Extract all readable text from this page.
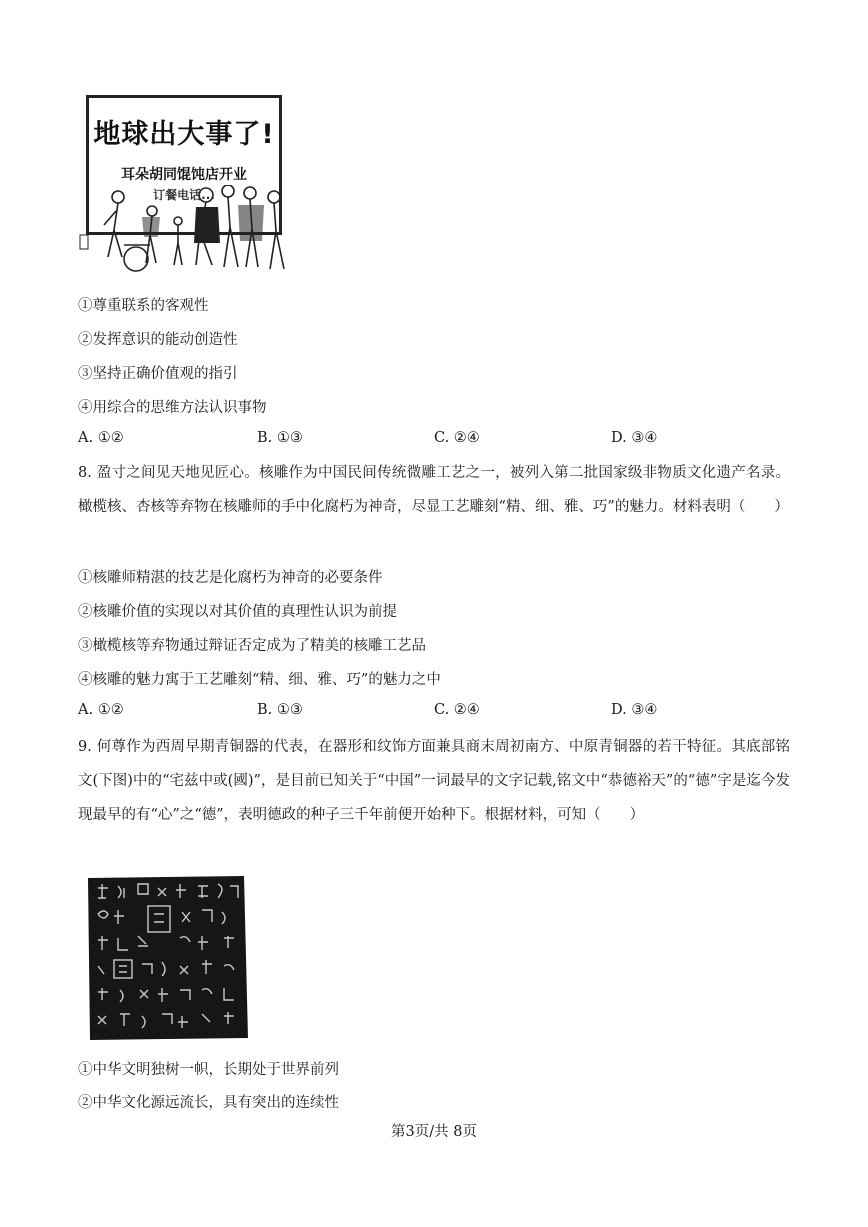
地球出大事了!
耳朵胡同馄饨店开业
订餐电话...
①尊重联系的客观性
②发挥意识的能动创造性
③坚持正确价值观的指引
④用综合的思维方法认识事物
A. ①②	B. ①③	C. ②④	D. ③④
8. 盈寸之间见天地见匠心。核雕作为中国民间传统微雕工艺之一，被列入第二批国家级非物质文化遗产名录。橄榄核、杏核等弃物在核雕师的手中化腐朽为神奇，尽显工艺雕刻“精、细、雅、巧”的魅力。材料表明（　　）
①核雕师精湛的技艺是化腐朽为神奇的必要条件
②核雕价值的实现以对其价值的真理性认识为前提
③橄榄核等弃物通过辩证否定成为了精美的核雕工艺品
④核雕的魅力寓于工艺雕刻“精、细、雅、巧”的魅力之中
A. ①②	B. ①③	C. ②④	D. ③④
9. 何尊作为西周早期青铜器的代表，在器形和纹饰方面兼具商末周初南方、中原青铜器的若干特征。其底部铭文(下图)中的“宅兹中或(國)”，是目前已知关于“中国”一词最早的文字记载,铭文中“恭德裕天”的“德”字是迄今发现最早的有“心”之“德”，表明德政的种子三千年前便开始种下。根据材料，可知（　　）
①中华文明独树一帜，长期处于世界前列
②中华文化源远流长，具有突出的连续性
第3页/共 8页
